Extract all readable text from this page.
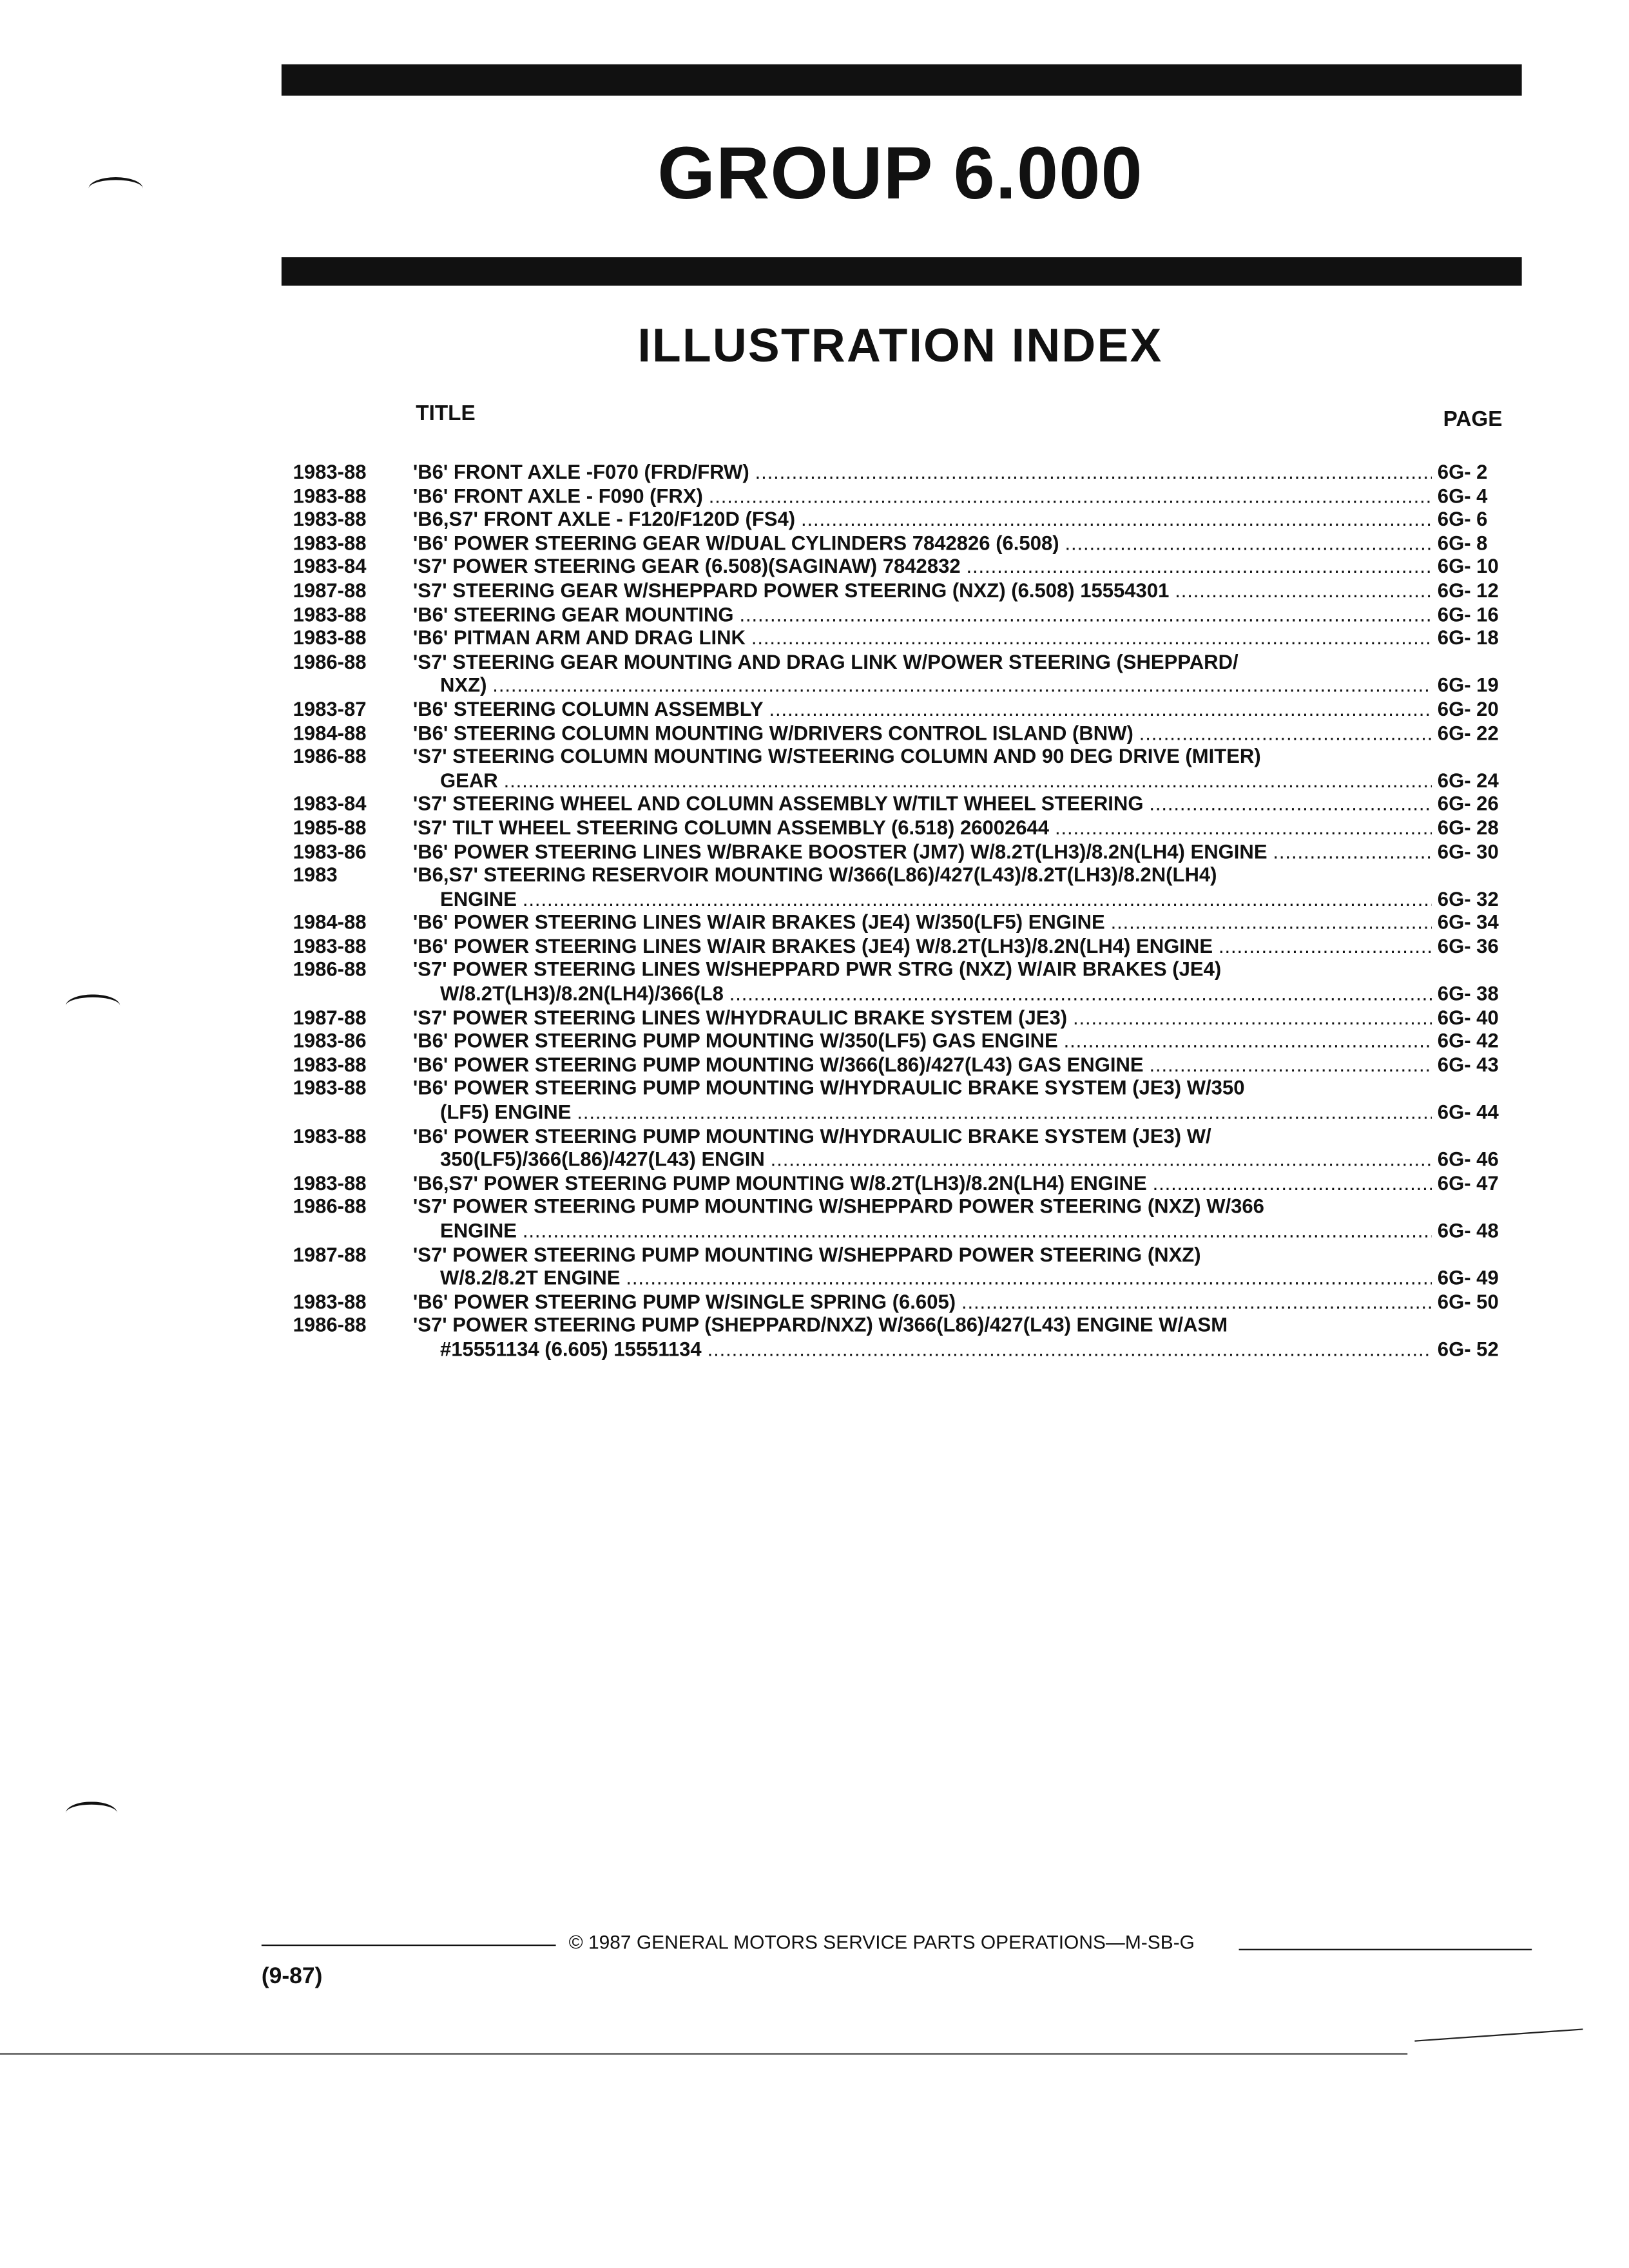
GROUP 6.000
ILLUSTRATION INDEX
TITLE	PAGE
1983-88	'B6' FRONT AXLE -F070 (FRD/FRW) .....	6G- 2
1983-88	'B6' FRONT AXLE - F090 (FRX) .....	6G- 4
1983-88	'B6,S7' FRONT AXLE - F120/F120D (FS4) .....	6G- 6
1983-88	'B6' POWER STEERING GEAR W/DUAL CYLINDERS 7842826 (6.508) .....	6G- 8
1983-84	'S7' POWER STEERING GEAR (6.508)(SAGINAW) 7842832 .....	6G- 10
1987-88	'S7' STEERING GEAR W/SHEPPARD POWER STEERING (NXZ) (6.508) 15554301 .....	6G- 12
1983-88	'B6' STEERING GEAR MOUNTING .....	6G- 16
1983-88	'B6' PITMAN ARM AND DRAG LINK .....	6G- 18
1986-88	'S7' STEERING GEAR MOUNTING AND DRAG LINK W/POWER STEERING (SHEPPARD/
NXZ) .....	6G- 19
1983-87	'B6' STEERING COLUMN ASSEMBLY .....	6G- 20
1984-88	'B6' STEERING COLUMN MOUNTING W/DRIVERS CONTROL ISLAND (BNW) .....	6G- 22
1986-88	'S7' STEERING COLUMN MOUNTING W/STEERING COLUMN AND 90 DEG DRIVE (MITER)
GEAR .....	6G- 24
1983-84	'S7' STEERING WHEEL AND COLUMN ASSEMBLY W/TILT WHEEL STEERING .....	6G- 26
1985-88	'S7' TILT WHEEL STEERING COLUMN ASSEMBLY (6.518) 26002644 .....	6G- 28
1983-86	'B6' POWER STEERING LINES W/BRAKE BOOSTER (JM7) W/8.2T(LH3)/8.2N(LH4) ENGINE .....	6G- 30
1983	'B6,S7' STEERING RESERVOIR MOUNTING W/366(L86)/427(L43)/8.2T(LH3)/8.2N(LH4)
ENGINE .....	6G- 32
1984-88	'B6' POWER STEERING LINES W/AIR BRAKES (JE4) W/350(LF5) ENGINE .....	6G- 34
1983-88	'B6' POWER STEERING LINES W/AIR BRAKES (JE4) W/8.2T(LH3)/8.2N(LH4) ENGINE .....	6G- 36
1986-88	'S7' POWER STEERING LINES W/SHEPPARD PWR STRG (NXZ) W/AIR BRAKES (JE4)
W/8.2T(LH3)/8.2N(LH4)/366(L8 .....	6G- 38
1987-88	'S7' POWER STEERING LINES W/HYDRAULIC BRAKE SYSTEM (JE3) .....	6G- 40
1983-86	'B6' POWER STEERING PUMP MOUNTING W/350(LF5) GAS ENGINE .....	6G- 42
1983-88	'B6' POWER STEERING PUMP MOUNTING W/366(L86)/427(L43) GAS ENGINE .....	6G- 43
1983-88	'B6' POWER STEERING PUMP MOUNTING W/HYDRAULIC BRAKE SYSTEM (JE3) W/350
(LF5) ENGINE .....	6G- 44
1983-88	'B6' POWER STEERING PUMP MOUNTING W/HYDRAULIC BRAKE SYSTEM (JE3) W/
350(LF5)/366(L86)/427(L43) ENGIN .....	6G- 46
1983-88	'B6,S7' POWER STEERING PUMP MOUNTING W/8.2T(LH3)/8.2N(LH4) ENGINE .....	6G- 47
1986-88	'S7' POWER STEERING PUMP MOUNTING W/SHEPPARD POWER STEERING (NXZ) W/366
ENGINE .....	6G- 48
1987-88	'S7' POWER STEERING PUMP MOUNTING W/SHEPPARD POWER STEERING (NXZ)
W/8.2/8.2T ENGINE .....	6G- 49
1983-88	'B6' POWER STEERING PUMP W/SINGLE SPRING (6.605) .....	6G- 50
1986-88	'S7' POWER STEERING PUMP (SHEPPARD/NXZ) W/366(L86)/427(L43) ENGINE W/ASM
#15551134 (6.605) 15551134 .....	6G- 52
© 1987 GENERAL MOTORS SERVICE PARTS OPERATIONS—M-SB-G
(9-87)
